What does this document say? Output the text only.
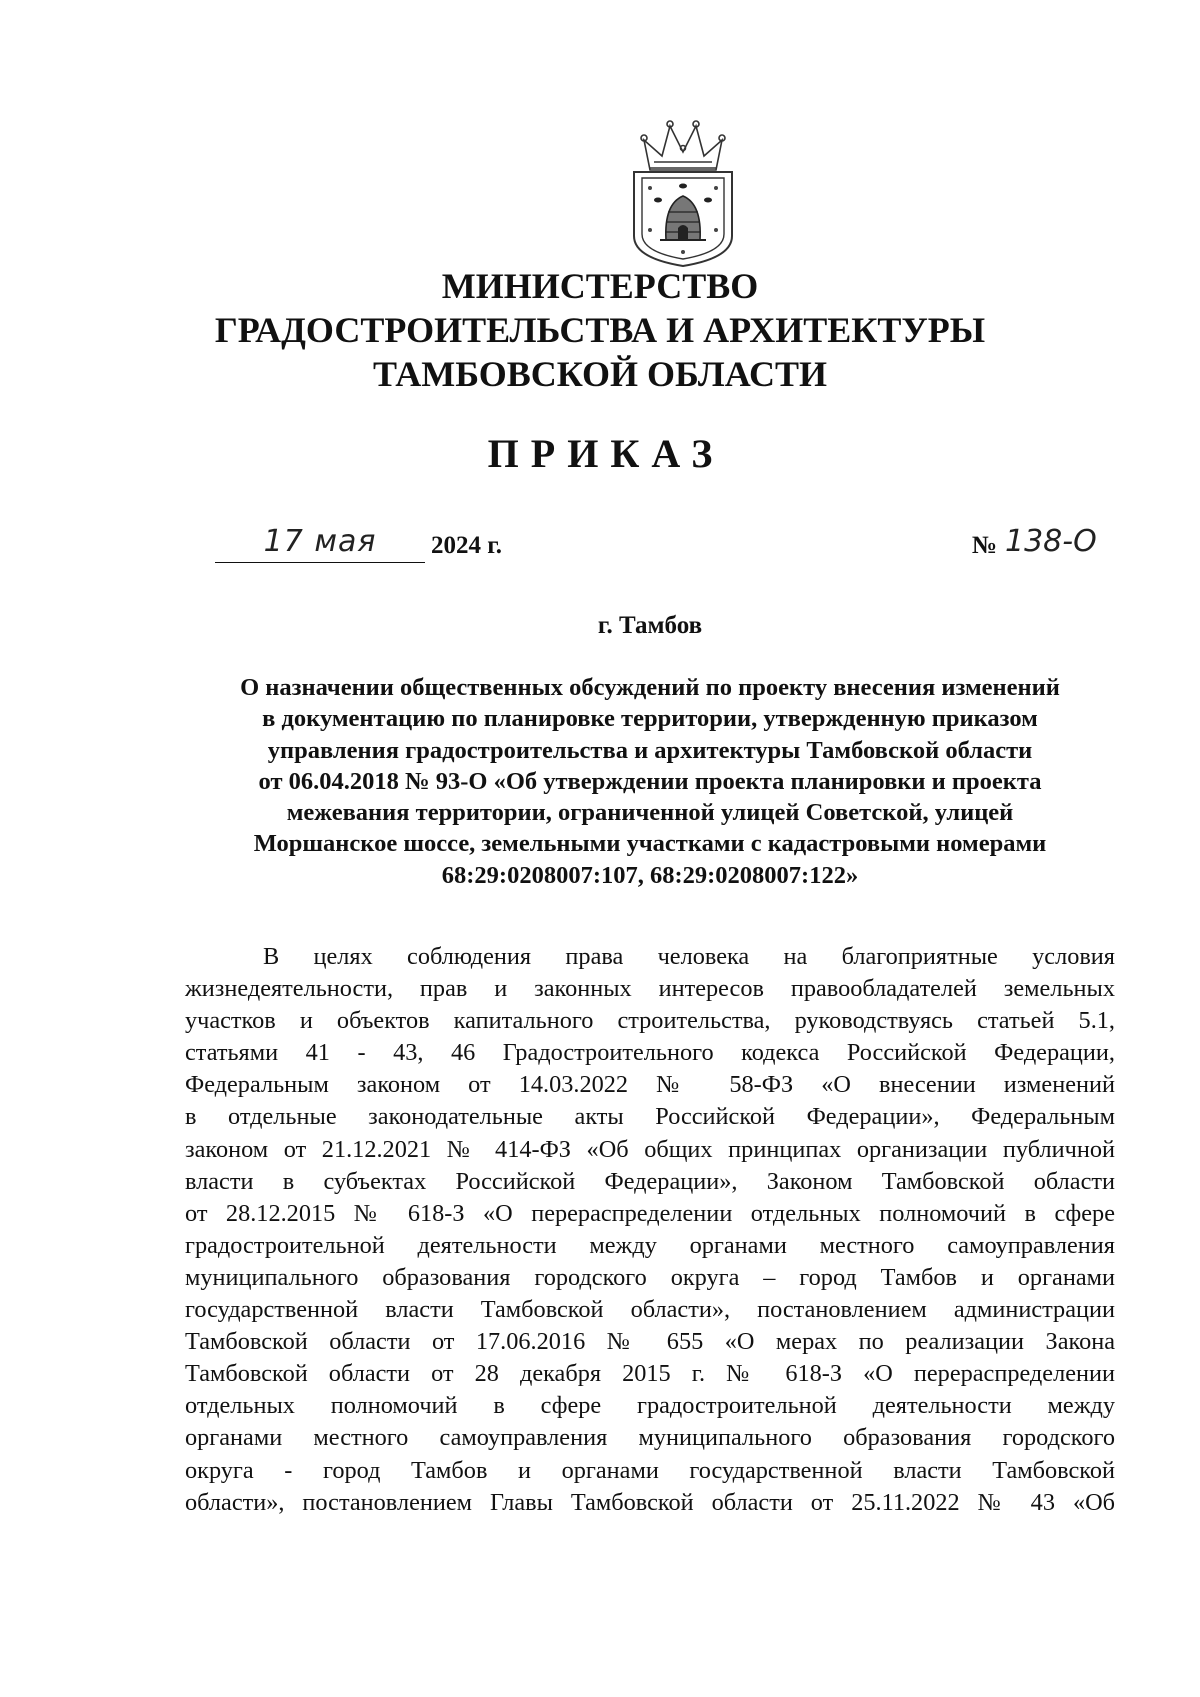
МИНИСТЕРСТВО
ГРАДОСТРОИТЕЛЬСТВА И АРХИТЕКТУРЫ
ТАМБОВСКОЙ ОБЛАСТИ
ПРИКАЗ
17 мая	2024 г.	№ 138-О
г. Тамбов
О назначении общественных обсуждений по проекту внесения изменений
в документацию по планировке территории, утвержденную приказом
управления градостроительства и архитектуры Тамбовской области
от 06.04.2018 № 93-О «Об утверждении проекта планировки и проекта
межевания территории, ограниченной улицей Советской, улицей
Моршанское шоссе, земельными участками с кадастровыми номерами
68:29:0208007:107, 68:29:0208007:122»
В целях соблюдения права человека на благоприятные условия
жизнедеятельности, прав и законных интересов правообладателей земельных
участков и объектов капитального строительства, руководствуясь статьей 5.1,
статьями 41 - 43, 46 Градостроительного кодекса Российской Федерации,
Федеральным законом от 14.03.2022 № 58-ФЗ «О внесении изменений
в отдельные законодательные акты Российской Федерации», Федеральным
законом от 21.12.2021 № 414-ФЗ «Об общих принципах организации публичной
власти в субъектах Российской Федерации», Законом Тамбовской области
от 28.12.2015 № 618-З «О перераспределении отдельных полномочий в сфере
градостроительной деятельности между органами местного самоуправления
муниципального образования городского округа – город Тамбов и органами
государственной власти Тамбовской области», постановлением администрации
Тамбовской области от 17.06.2016 № 655 «О мерах по реализации Закона
Тамбовской области от 28 декабря 2015 г. № 618-З «О перераспределении
отдельных полномочий в сфере градостроительной деятельности между
органами местного самоуправления муниципального образования городского
округа - город Тамбов и органами государственной власти Тамбовской
области», постановлением Главы Тамбовской области от 25.11.2022 № 43 «Об
